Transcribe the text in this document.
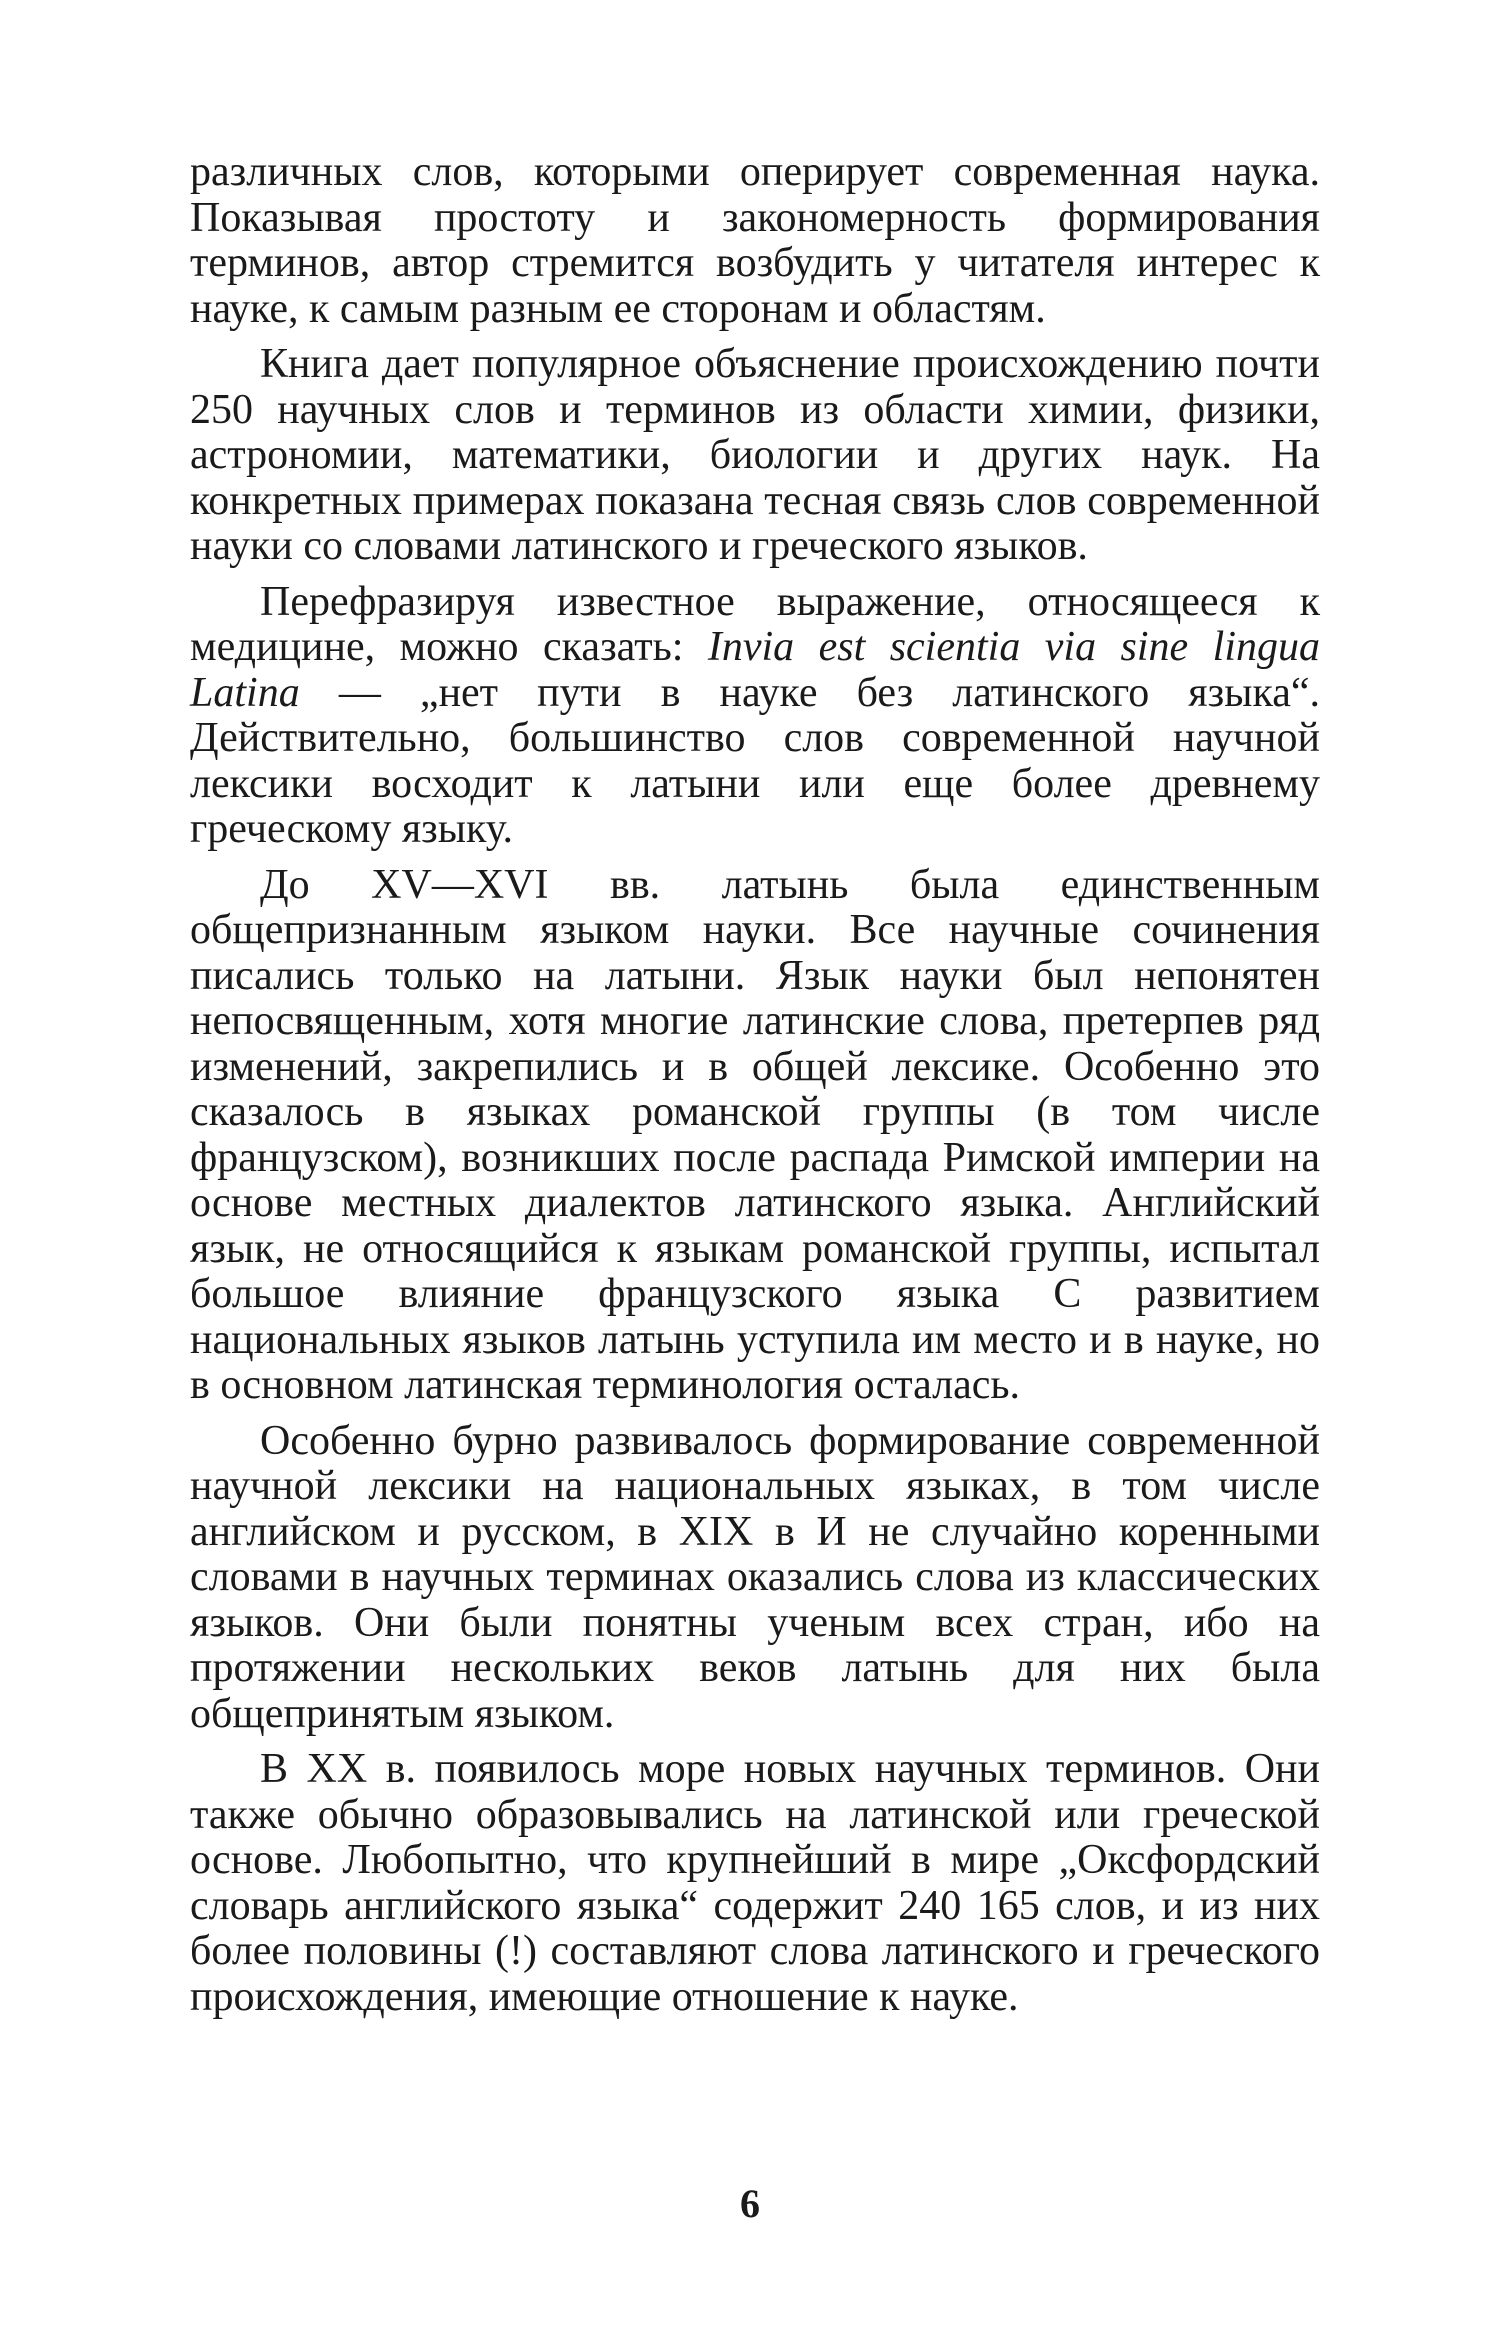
различных слов, которыми оперирует современная наука. Показывая простоту и закономерность формирования терминов, автор стремится возбудить у читателя интерес к науке, к самым разным ее сторонам и областям.

Книга дает популярное объяснение происхождению почти 250 научных слов и терминов из области химии, физики, астрономии, математики, биологии и других наук. На конкретных примерах показана тесная связь слов современной науки со словами латинского и греческого языков.

Перефразируя известное выражение, относящееся к медицине, можно сказать: Invia est scientia via sine lingua Latina — „нет пути в науке без латинского языка“. Действительно, большинство слов современной научной лексики восходит к латыни или еще более древнему греческому языку.

До XV—XVI вв. латынь была единственным общепризнанным языком науки. Все научные сочинения писались только на латыни. Язык науки был непонятен непосвященным, хотя многие латинские слова, претерпев ряд изменений, закрепились и в общей лексике. Особенно это сказалось в языках романской группы (в том числе французском), возникших после распада Римской империи на основе местных диалектов латинского языка. Английский язык, не относящийся к языкам романской группы, испытал большое влияние французского языка С развитием национальных языков латынь уступила им место и в науке, но в основном латинская терминология осталась.

Особенно бурно развивалось формирование современной научной лексики на национальных языках, в том числе английском и русском, в XIX в И не случайно коренными словами в научных терминах оказались слова из классических языков. Они были понятны ученым всех стран, ибо на протяжении нескольких веков латынь для них была общепринятым языком.

В XX в. появилось море новых научных терминов. Они также обычно образовывались на латинской или греческой основе. Любопытно, что крупнейший в мире „Оксфордский словарь английского языка“ содержит 240 165 слов, и из них более половины (!) составляют слова латинского и греческого происхождения, имеющие отношение к науке.

6
